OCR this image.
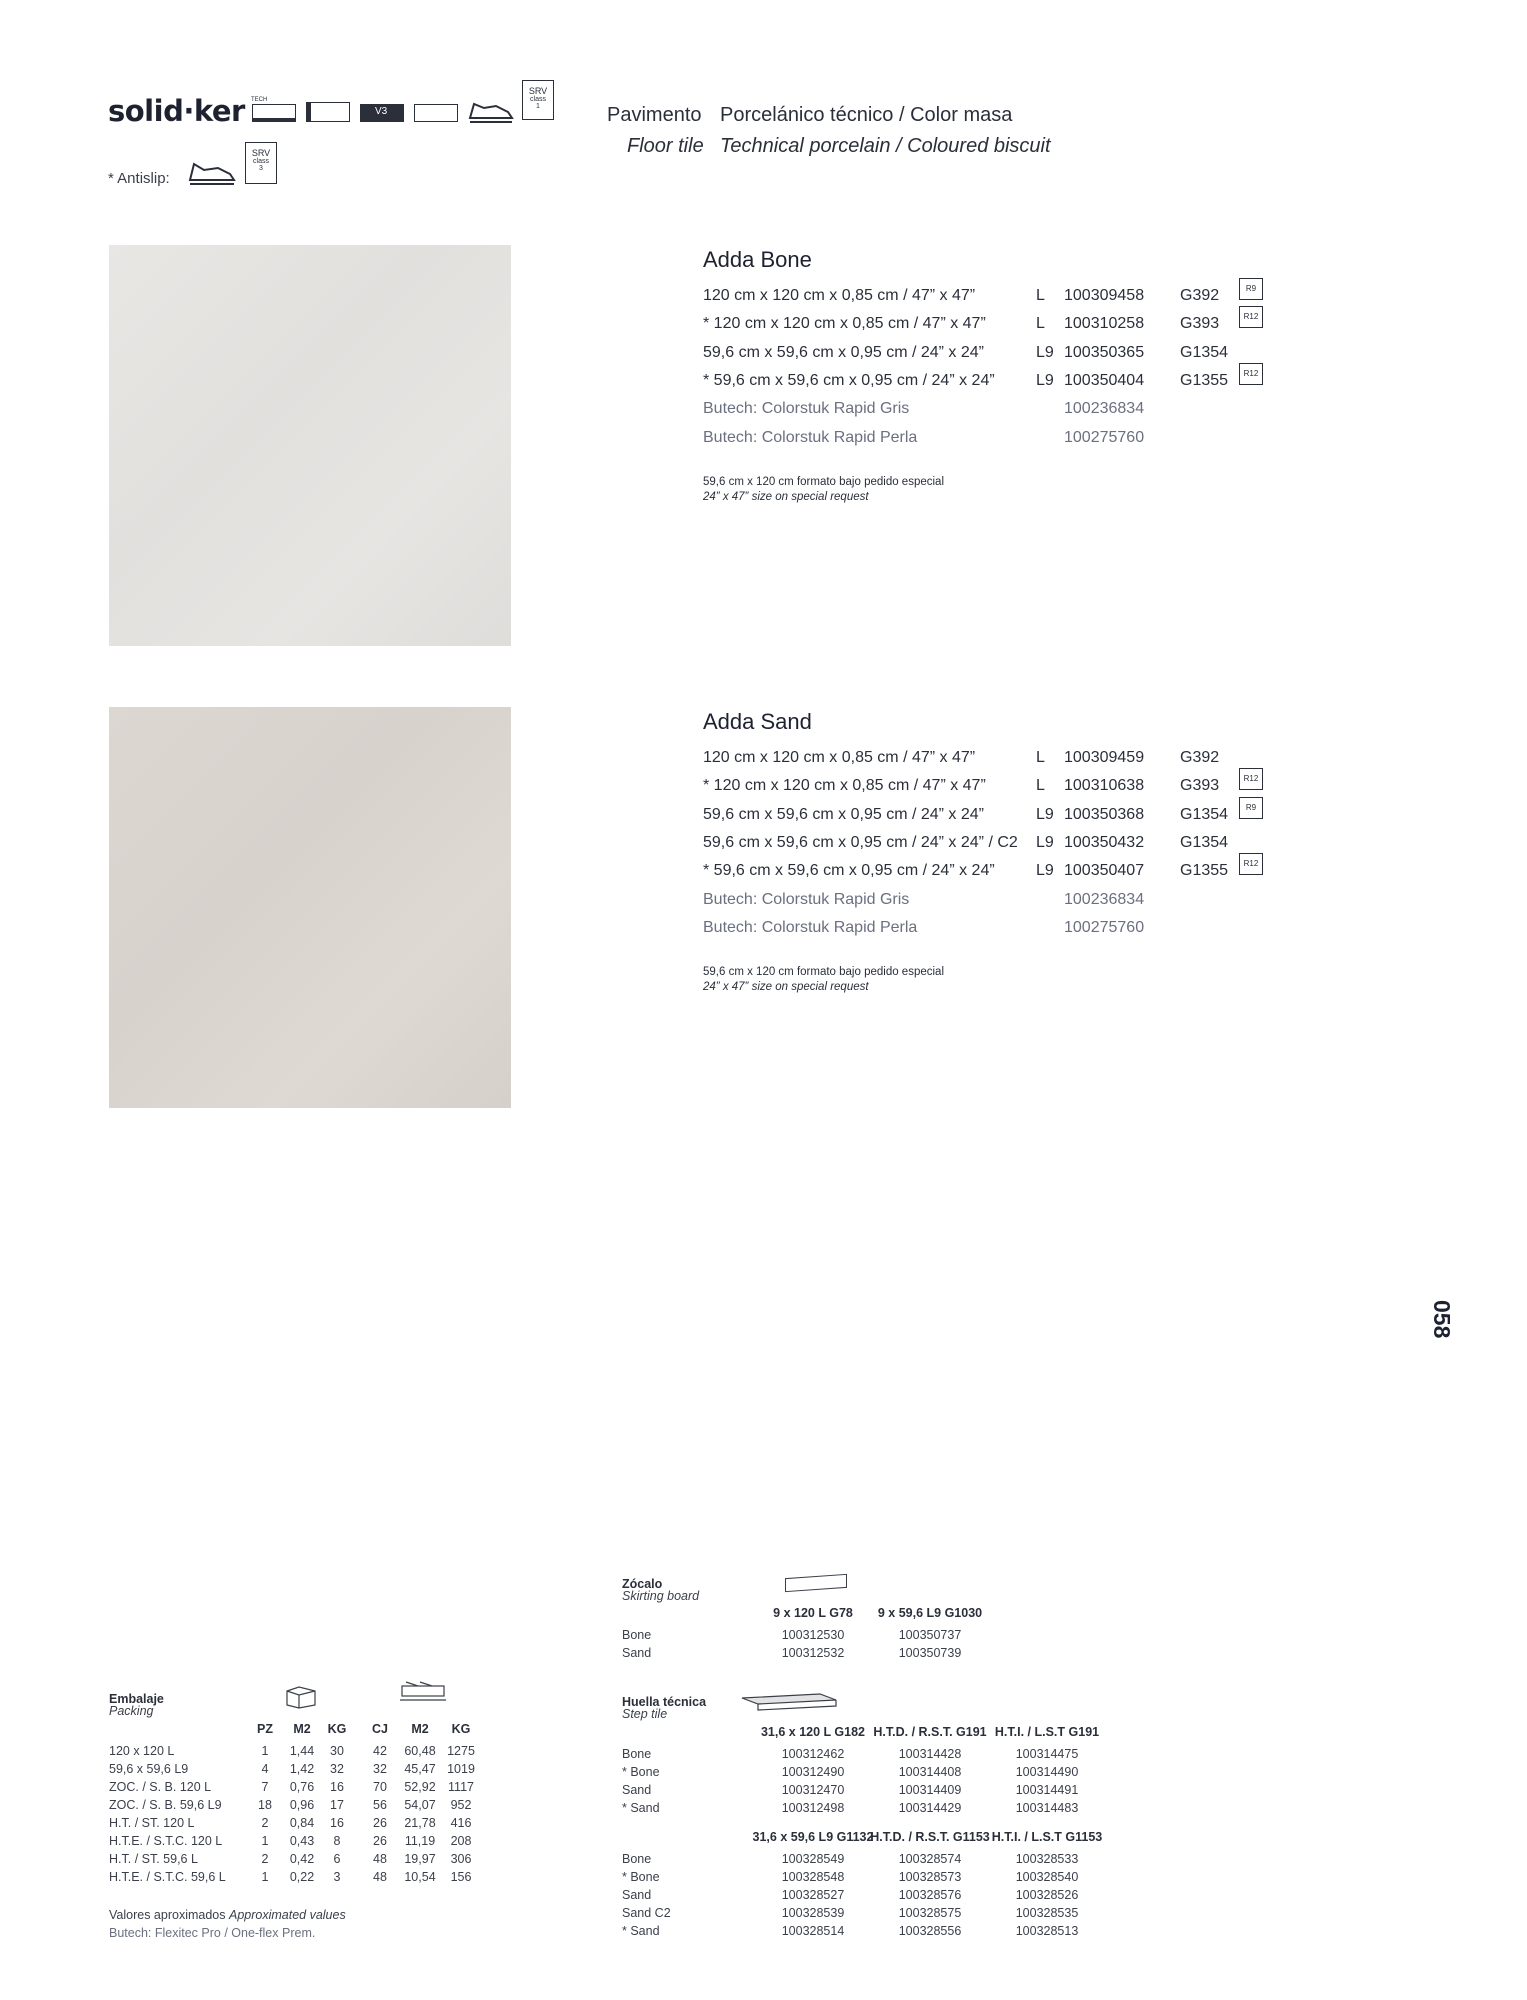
solid·ker TECH
V3
SRV
class
1
* Antislip:
SRV
class
3
Pavimento Porcelánico técnico / Color masa
Floor tile Technical porcelain / Coloured biscuit
Adda Bone
120 cm x 120 cm x 0,85 cm / 47” x 47”	L 100309458 G392	R9
* 120 cm x 120 cm x 0,85 cm / 47” x 47”	L 100310258 G393	R12
59,6 cm x 59,6 cm x 0,95 cm / 24” x 24”	L9 100350365 G1354
* 59,6 cm x 59,6 cm x 0,95 cm / 24” x 24”	L9 100350404 G1355	R12
Butech: Colorstuk Rapid Gris	100236834
Butech: Colorstuk Rapid Perla	100275760
59,6 cm x 120 cm formato bajo pedido especial
24” x 47” size on special request
Adda Sand
120 cm x 120 cm x 0,85 cm / 47” x 47”	L 100309459 G392
* 120 cm x 120 cm x 0,85 cm / 47” x 47”	L 100310638 G393	R12
59,6 cm x 59,6 cm x 0,95 cm / 24” x 24”	L9 100350368 G1354	R9
59,6 cm x 59,6 cm x 0,95 cm / 24” x 24” / C2 L9 100350432 G1354
* 59,6 cm x 59,6 cm x 0,95 cm / 24” x 24”	L9 100350407 G1355	R12
Butech: Colorstuk Rapid Gris	100236834
Butech: Colorstuk Rapid Perla	100275760
59,6 cm x 120 cm formato bajo pedido especial
24” x 47” size on special request
058
Embalaje
Packing
PZ M2 KG CJ M2 KG
120 x 120 L	1 1,44 30 42 60,48 1275
59,6 x 59,6 L9	4 1,42 32 32 45,47 1019
ZOC. / S. B. 120 L	7 0,76 16 70 52,92 1117
ZOC. / S. B. 59,6 L9	18 0,96 17 56 54,07 952
H.T. / ST. 120 L	2 0,84 16 26 21,78 416
H.T.E. / S.T.C. 120 L	1 0,43 8	26 11,19 208
H.T. / ST. 59,6 L	2 0,42 6	48 19,97 306
H.T.E. / S.T.C. 59,6 L	1 0,22 3	48 10,54 156
Valores aproximados Approximated values
Butech: Flexitec Pro / One-flex Prem.
Zócalo
Skirting board
9 x 120 L G78 9 x 59,6 L9 G1030
Bone	100312530	100350737
Sand	100312532	100350739
Huella técnica
Step tile
31,6 x 120 L G182 H.T.D. / R.S.T. G191 H.T.I. / L.S.T G191
Bone	100312462	100314428	100314475
* Bone	100312490	100314408	100314490
Sand	100312470	100314409	100314491
* Sand	100312498	100314429	100314483
31,6 x 59,6 L9 G1132
H.T.D. / R.S.T. G1153 H.T.I. / L.S.T G1153
Bone	100328549	100328574	100328533
* Bone	100328548	100328573	100328540
Sand	100328527	100328576	100328526
Sand C2	100328539	100328575	100328535
* Sand	100328514	100328556	100328513
